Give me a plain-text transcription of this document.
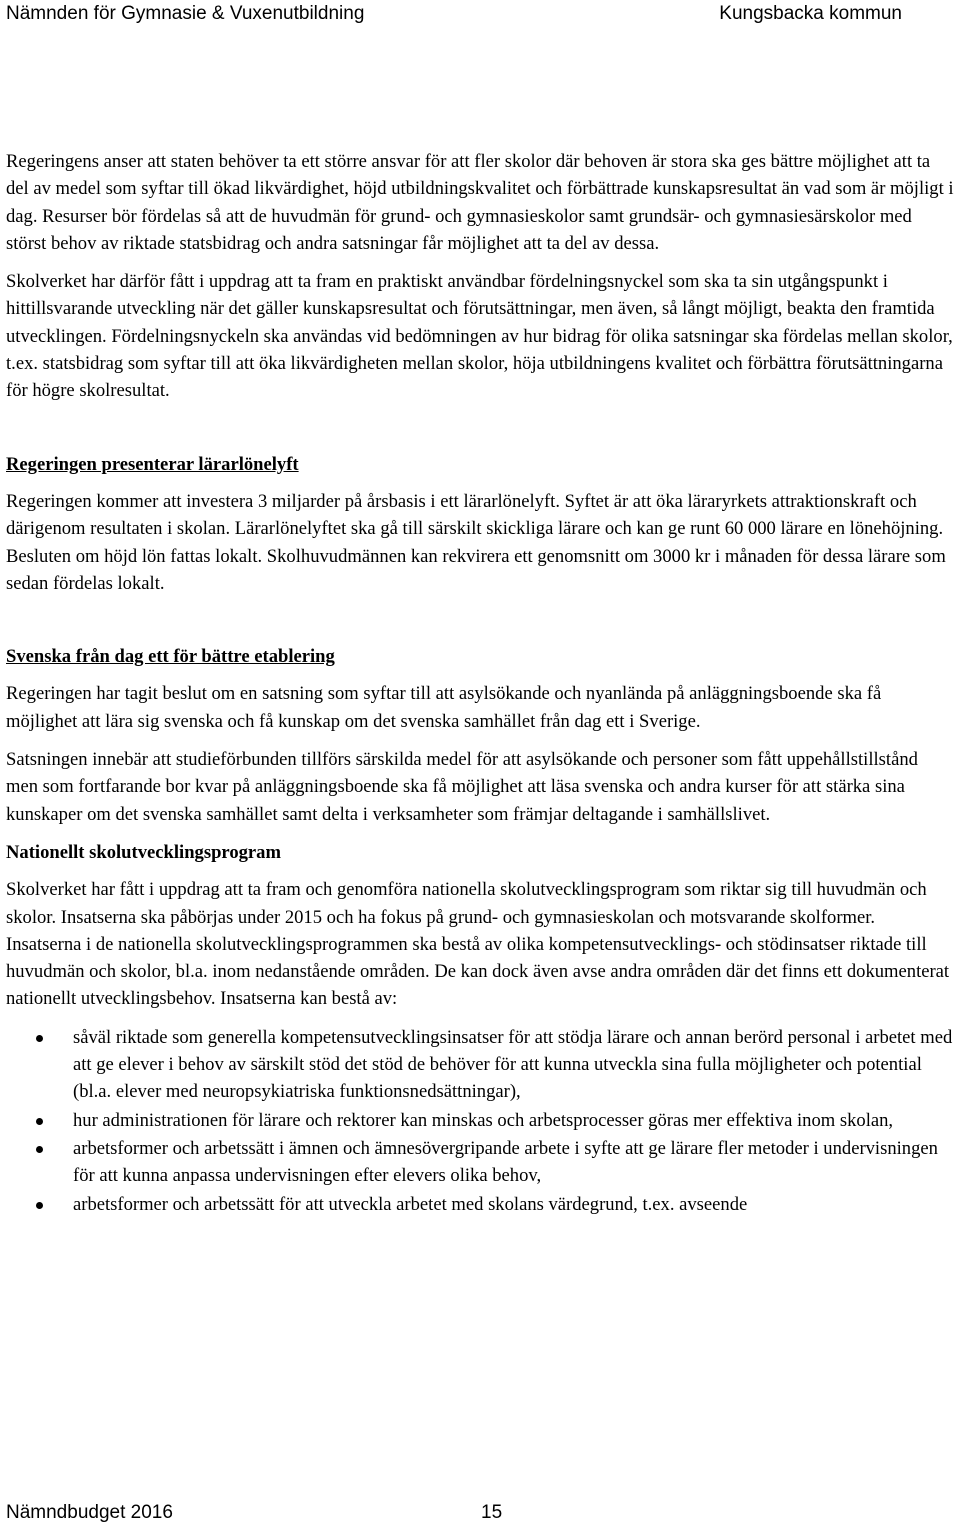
Nämnden för Gymnasie & Vuxenutbildning	Kungsbacka kommun

Regeringens anser att staten behöver ta ett större ansvar för att fler skolor där behoven är stora ska ges bättre möjlighet att ta del av medel som syftar till ökad likvärdighet, höjd utbildningskvalitet och förbättrade kunskapsresultat än vad som är möjligt i dag. Resurser bör fördelas så att de huvudmän för grund- och gymnasieskolor samt grundsär- och gymnasiesärskolor med störst behov av riktade statsbidrag och andra satsningar får möjlighet att ta del av dessa.

Skolverket har därför fått i uppdrag att ta fram en praktiskt användbar fördelningsnyckel som ska ta sin utgångspunkt i hittillsvarande utveckling när det gäller kunskapsresultat och förutsättningar, men även, så långt möjligt, beakta den framtida utvecklingen. Fördelningsnyckeln ska användas vid bedömningen av hur bidrag för olika satsningar ska fördelas mellan skolor, t.ex. statsbidrag som syftar till att öka likvärdigheten mellan skolor, höja utbildningens kvalitet och förbättra förutsättningarna för högre skolresultat.

Regeringen presenterar lärarlönelyft

Regeringen kommer att investera 3 miljarder på årsbasis i ett lärarlönelyft. Syftet är att öka läraryrkets attraktionskraft och därigenom resultaten i skolan. Lärarlönelyftet ska gå till särskilt skickliga lärare och kan ge runt 60 000 lärare en lönehöjning. Besluten om höjd lön fattas lokalt. Skolhuvudmännen kan rekvirera ett genomsnitt om 3000 kr i månaden för dessa lärare som sedan fördelas lokalt.

Svenska från dag ett för bättre etablering

Regeringen har tagit beslut om en satsning som syftar till att asylsökande och nyanlända på anläggningsboende ska få möjlighet att lära sig svenska och få kunskap om det svenska samhället från dag ett i Sverige.

Satsningen innebär att studieförbunden tillförs särskilda medel för att asylsökande och personer som fått uppehållstillstånd men som fortfarande bor kvar på anläggningsboende ska få möjlighet att läsa svenska och andra kurser för att stärka sina kunskaper om det svenska samhället samt delta i verksamheter som främjar deltagande i samhällslivet.

Nationellt skolutvecklingsprogram

Skolverket har fått i uppdrag att ta fram och genomföra nationella skolutvecklingsprogram som riktar sig till huvudmän och skolor. Insatserna ska påbörjas under 2015 och ha fokus på grund- och gymnasieskolan och motsvarande skolformer. Insatserna i de nationella skolutvecklingsprogrammen ska bestå av olika kompetensutvecklings- och stödinsatser riktade till huvudmän och skolor, bl.a. inom nedanstående områden. De kan dock även avse andra områden där det finns ett dokumenterat nationellt utvecklingsbehov. Insatserna kan bestå av:

såväl riktade som generella kompetensutvecklingsinsatser för att stödja lärare och annan berörd personal i arbetet med att ge elever i behov av särskilt stöd det stöd de behöver för att kunna utveckla sina fulla möjligheter och potential (bl.a. elever med neuropsykiatriska funktionsnedsättningar),
hur administrationen för lärare och rektorer kan minskas och arbetsprocesser göras mer effektiva inom skolan,
arbetsformer och arbetssätt i ämnen och ämnesövergripande arbete i syfte att ge lärare fler metoder i undervisningen för att kunna anpassa undervisningen efter elevers olika behov,
arbetsformer och arbetssätt för att utveckla arbetet med skolans värdegrund, t.ex. avseende
Nämndbudget 2016	15
